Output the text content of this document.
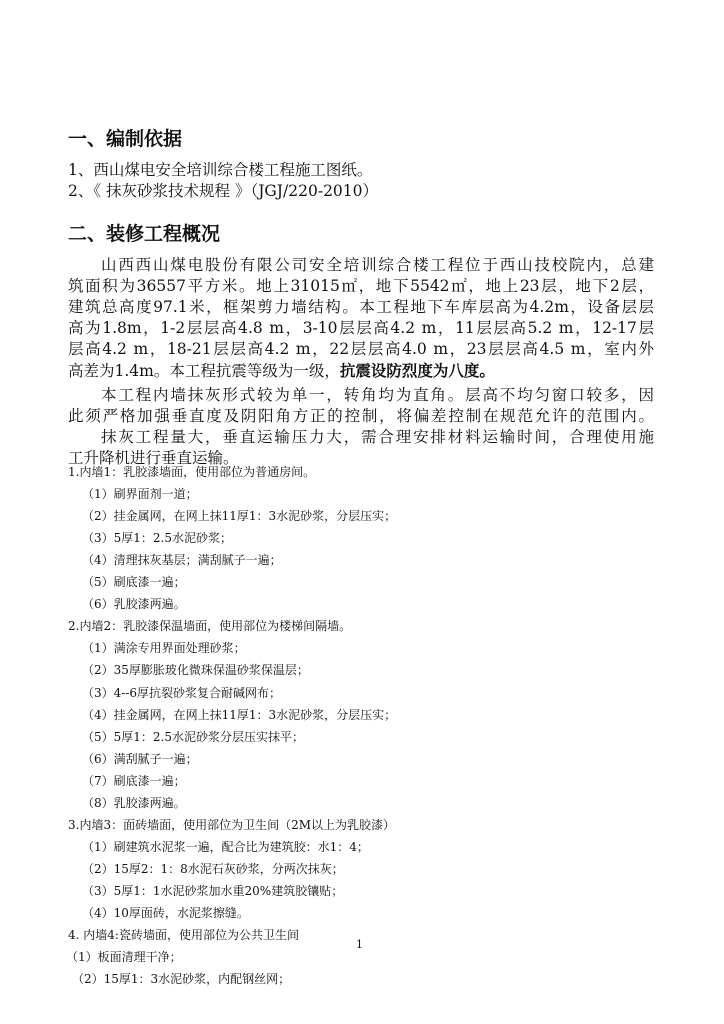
一、编制依据
1、西山煤电安全培训综合楼工程施工图纸。
2、《 抹灰砂浆技术规程 》（JGJ/220-2010）
二、装修工程概况
山西西山煤电股份有限公司安全培训综合楼工程位于西山技校院内，总建
筑面积为36557平方米。地上31015㎡，地下5542㎡，地上23层，地下2层，
建筑总高度97.1米，框架剪力墙结构。本工程地下车库层高为4.2m，设备层层
高为1.8m，1-2层层高4.8 m，3-10层层高4.2 m，11层层高5.2 m，12-17层
层高4.2 m，18-21层层高4.2 m，22层层高4.0 m，23层层高4.5 m，室内外
高差为1.4m。本工程抗震等级为一级，抗震设防烈度为八度。
本工程内墙抹灰形式较为单一，转角均为直角。层高不均匀窗口较多，因
此须严格加强垂直度及阴阳角方正的控制，将偏差控制在规范允许的范围内。
抹灰工程量大，垂直运输压力大，需合理安排材料运输时间，合理使用施
工升降机进行垂直运输。
1.内墙1：乳胶漆墙面，使用部位为普通房间。
（1）刷界面剂一道；
（2）挂金属网，在网上抹11厚1：3水泥砂浆，分层压实；
（3）5厚1：2.5水泥砂浆；
（4）清理抹灰基层；满刮腻子一遍；
（5）刷底漆一遍；
（6）乳胶漆两遍。
2.内墙2：乳胶漆保温墙面，使用部位为楼梯间隔墙。
（1）满涂专用界面处理砂浆；
（2）35厚膨胀玻化微珠保温砂浆保温层；
（3）4--6厚抗裂砂浆复合耐碱网布；
（4）挂金属网，在网上抹11厚1：3水泥砂浆，分层压实；
（5）5厚1：2.5水泥砂浆分层压实抹平；
（6）满刮腻子一遍；
（7）刷底漆一遍；
（8）乳胶漆两遍。
3.内墙3：面砖墙面，使用部位为卫生间（2M以上为乳胶漆）
（1）刷建筑水泥浆一遍，配合比为建筑胶：水1：4；
（2）15厚2：1：8水泥石灰砂浆，分两次抹灰；
（3）5厚1：1水泥砂浆加水重20%建筑胶镶贴；
（4）10厚面砖，水泥浆擦缝。
1
4. 内墙4:瓷砖墙面，使用部位为公共卫生间
（1）板面清理干净；
（2）15厚1：3水泥砂浆，内配钢丝网；
